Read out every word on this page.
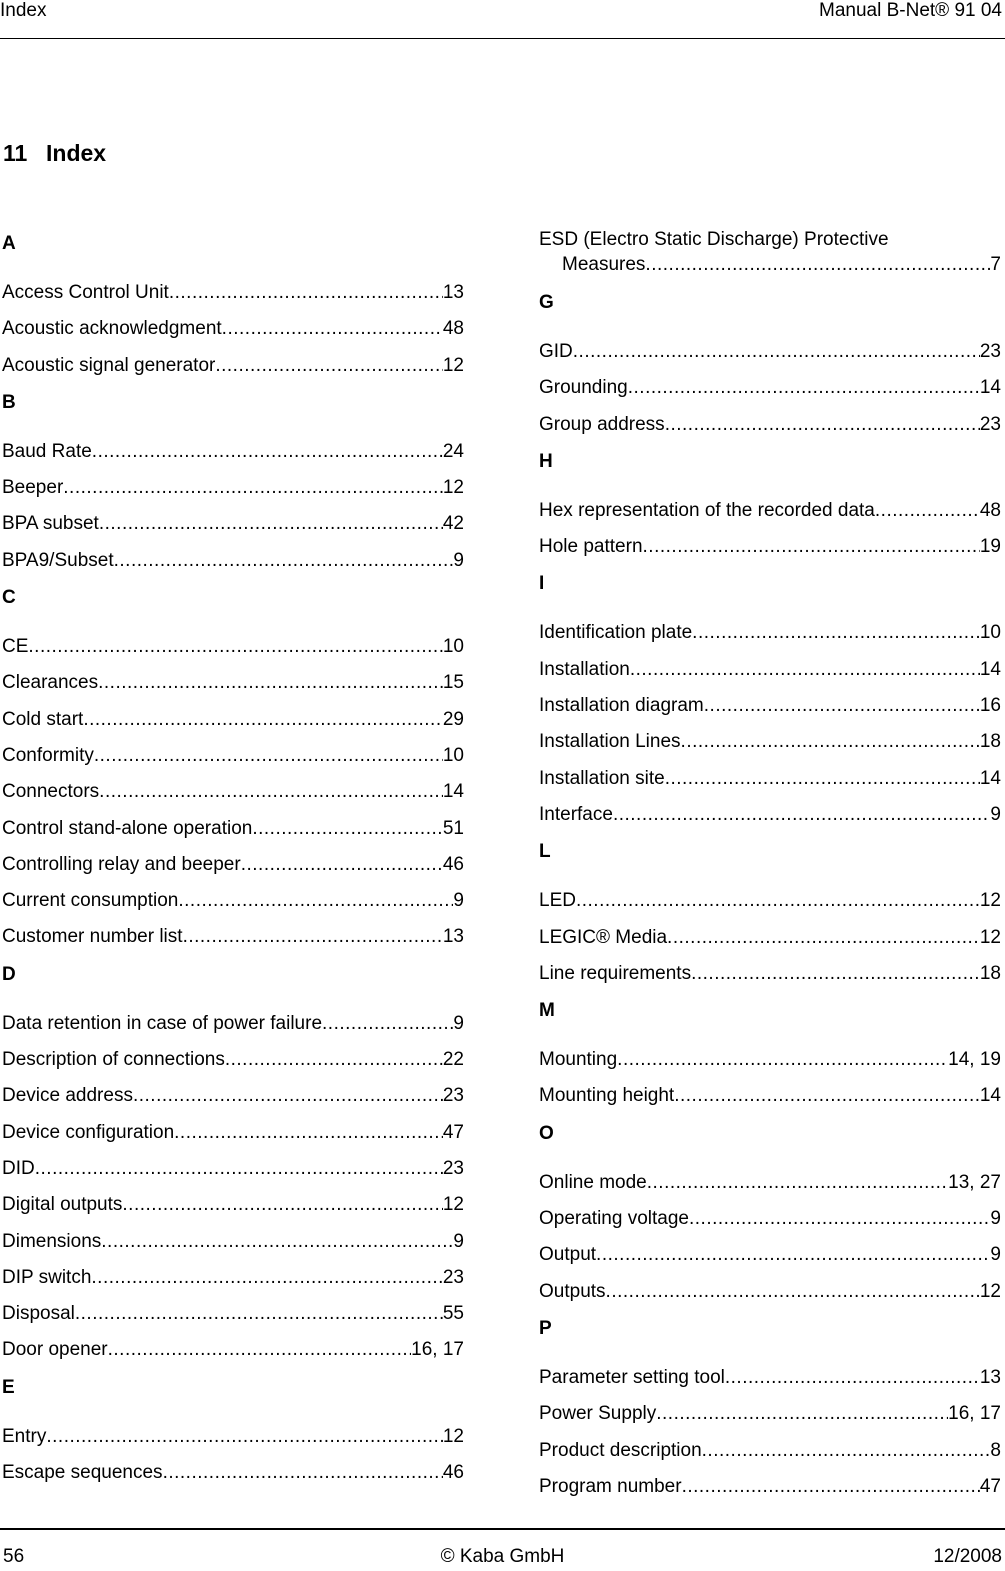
Index	Manual B-Net® 91 04
11 Index
A
Access Control Unit .....	13
Acoustic acknowledgment .....	48
Acoustic signal generator .....	12
B
Baud Rate .....	24
Beeper .....	12
BPA subset .....	42
BPA9/Subset .....	9
C
CE .....	10
Clearances .....	15
Cold start .....	29
Conformity .....	10
Connectors .....	14
Control stand-alone operation .....	51
Controlling relay and beeper .....	46
Current consumption .....	9
Customer number list .....	13
D
Data retention in case of power failure .....	9
Description of connections .....	22
Device address .....	23
Device configuration .....	47
DID .....	23
Digital outputs .....	12
Dimensions .....	9
DIP switch .....	23
Disposal .....	55
Door opener .....	16, 17
E
Entry .....	12
Escape sequences .....	46
ESD (Electro Static Discharge) Protective
Measures .....	7
G
GID .....	23
Grounding .....	14
Group address .....	23
H
Hex representation of the recorded data .....	48
Hole pattern .....	19
I
Identification plate .....	10
Installation .....	14
Installation diagram .....	16
Installation Lines .....	18
Installation site .....	14
Interface .....	9
L
LED .....	12
LEGIC® Media .....	12
Line requirements .....	18
M
Mounting .....	14, 19
Mounting height .....	14
O
Online mode .....	13, 27
Operating voltage .....	9
Output .....	9
Outputs .....	12
P
Parameter setting tool .....	13
Power Supply .....	16, 17
Product description .....	8
Program number .....	47
56	© Kaba GmbH	12/2008
